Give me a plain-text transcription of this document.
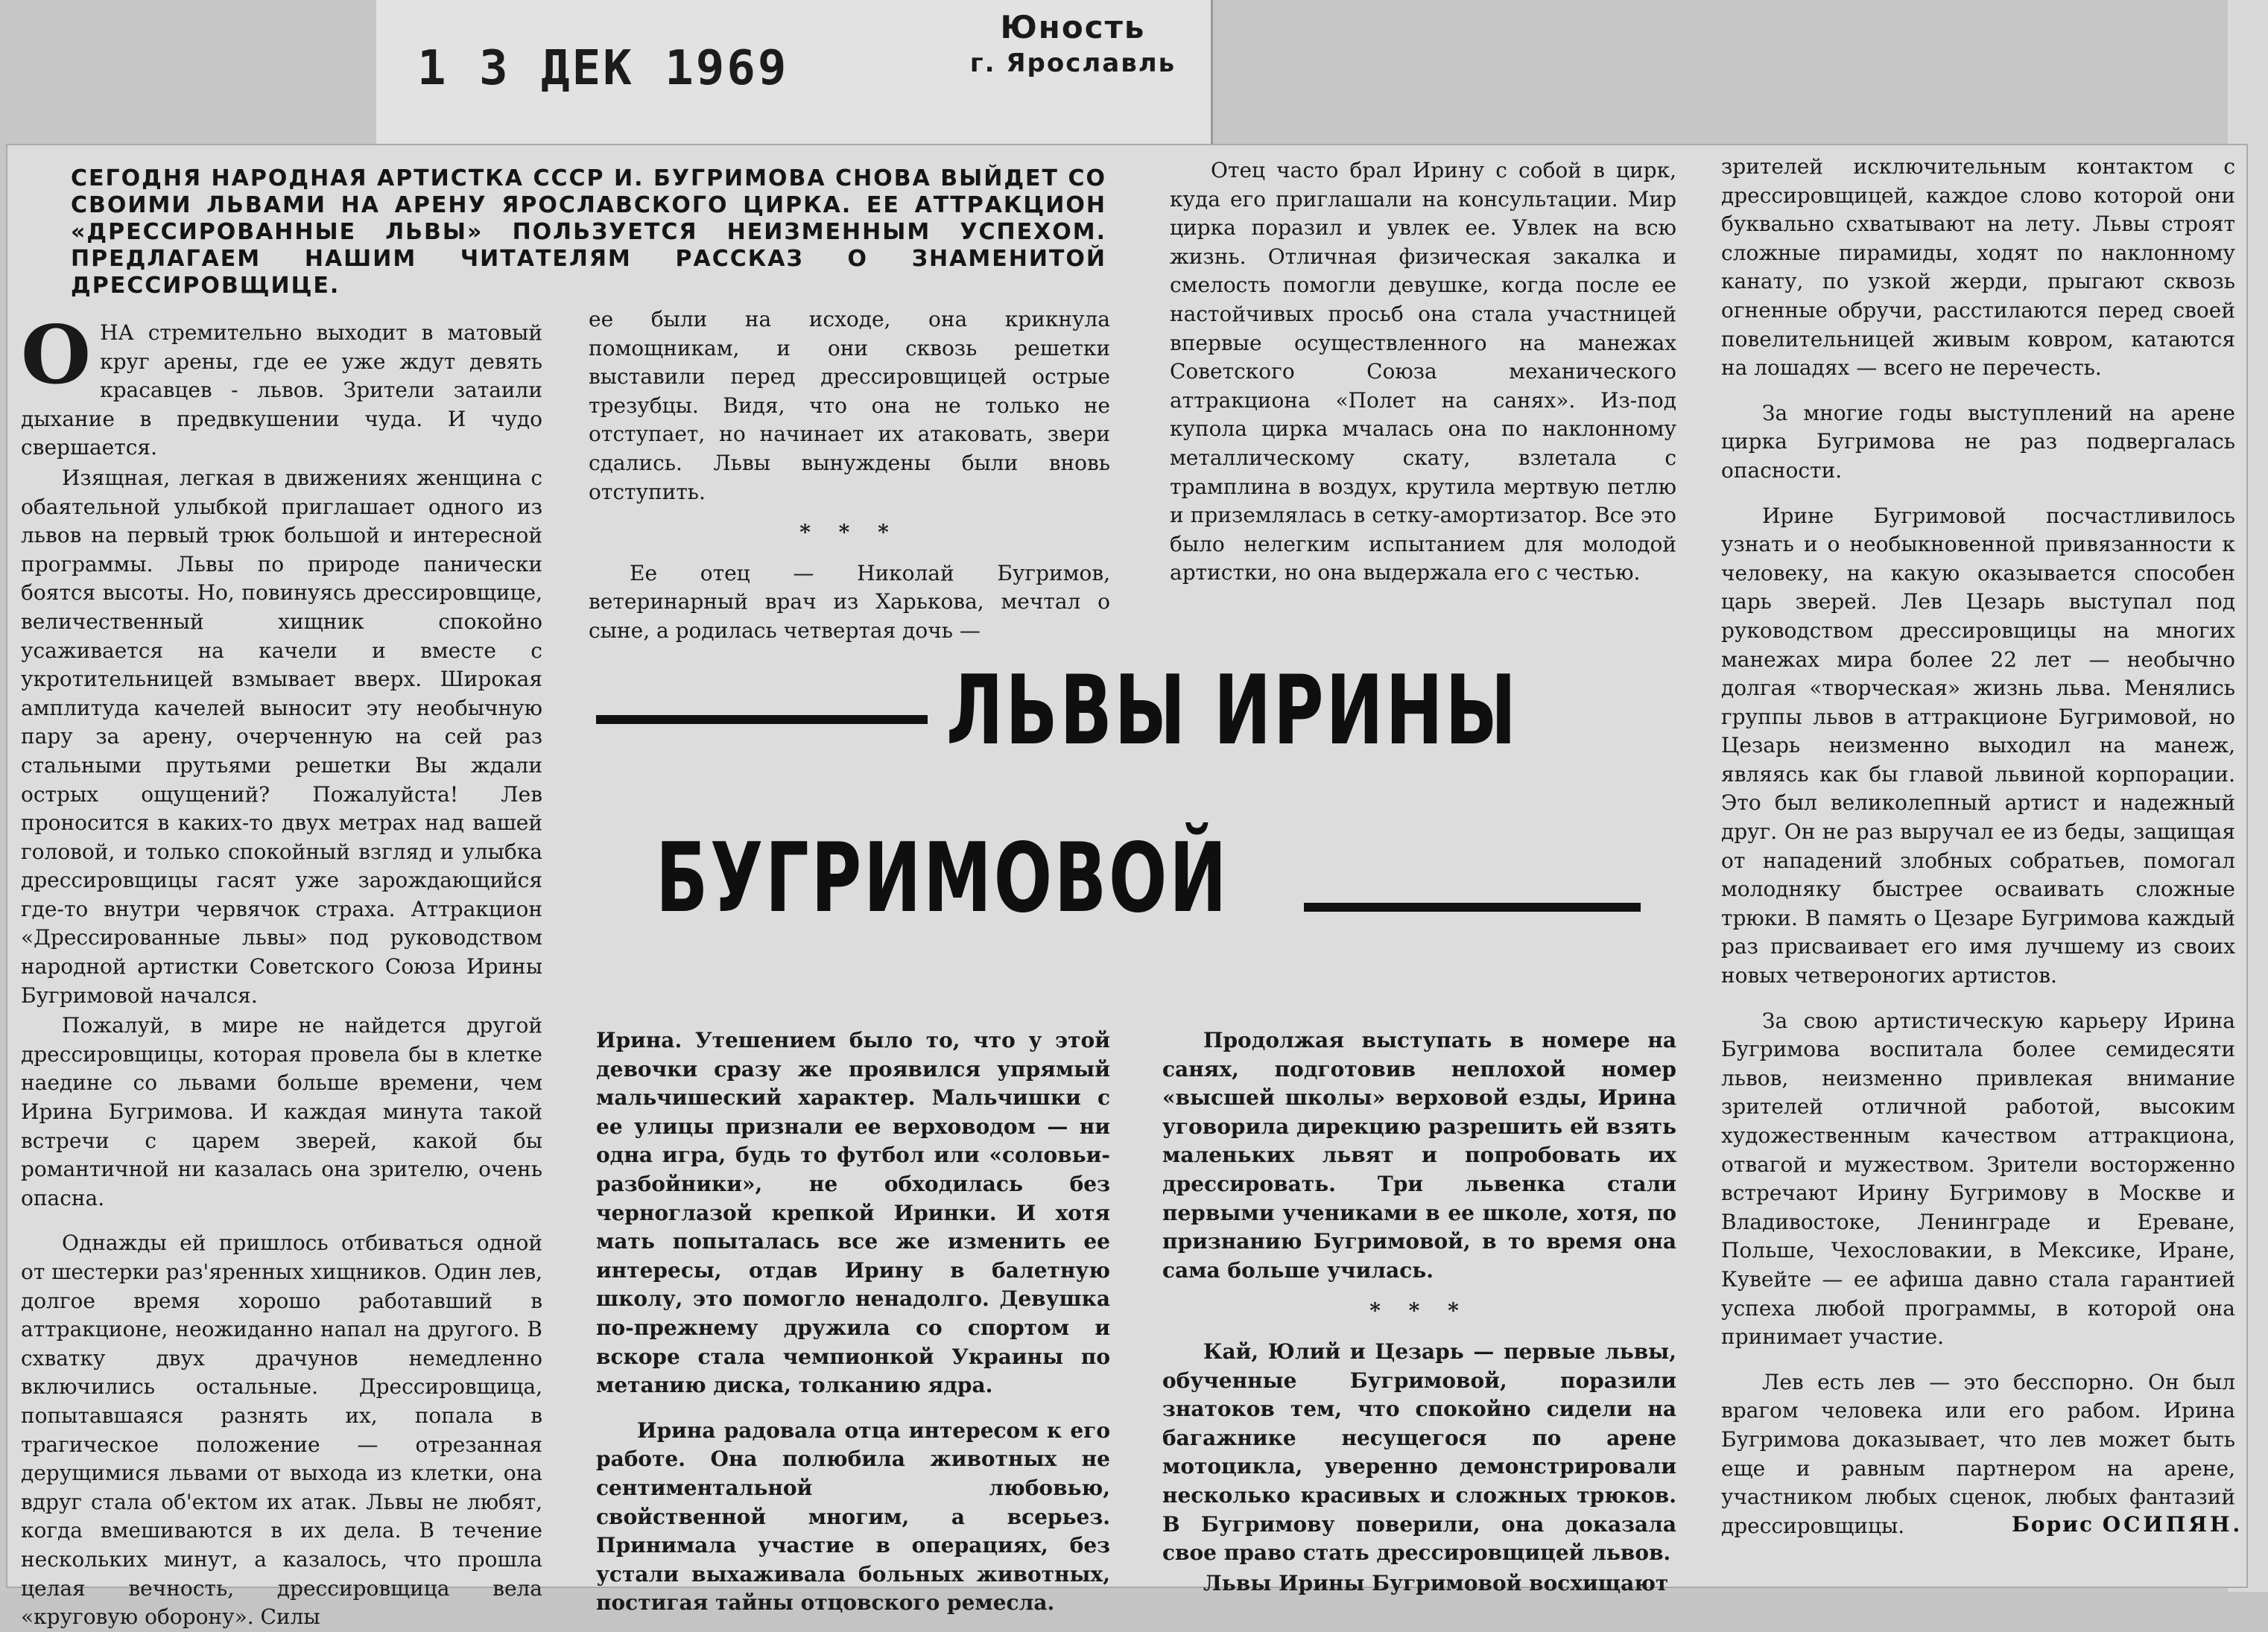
1 3 ДЕК 1969
Юность
г. Ярославль
СЕГОДНЯ НАРОДНАЯ АРТИСТКА СССР И. БУГРИМОВА СНОВА ВЫЙДЕТ СО СВОИМИ ЛЬВАМИ НА АРЕНУ ЯРОСЛАВСКОГО ЦИРКА. ЕЕ АТТРАКЦИОН «ДРЕССИРОВАННЫЕ ЛЬВЫ» ПОЛЬЗУЕТСЯ НЕИЗМЕННЫМ УСПЕХОМ. ПРЕДЛАГАЕМ НАШИМ ЧИТАТЕЛЯМ РАССКАЗ О ЗНАМЕНИТОЙ ДРЕССИРОВЩИЦЕ.

ОНА стремительно выходит в матовый круг арены, где ее уже ждут девять красавцев - львов. Зрители затаили дыхание в предвкушении чуда. И чудо свершается.

Изящная, легкая в движениях женщина с обаятельной улыбкой приглашает одного из львов на первый трюк большой и интересной программы. Львы по природе панически боятся высоты. Но, повинуясь дрессировщице, величественный хищник спокойно усаживается на качели и вместе с укротительницей взмывает вверх. Широкая амплитуда качелей выносит эту необычную пару за арену, очерченную на сей раз стальными прутьями решетки Вы ждали острых ощущений? Пожалуйста! Лев проносится в каких-то двух метрах над вашей головой, и только спокойный взгляд и улыбка дрессировщицы гасят уже зарождающийся где-то внутри червячок страха. Аттракцион «Дрессированные львы» под руководством народной артистки Советского Союза Ирины Бугримовой начался.

Пожалуй, в мире не найдется другой дрессировщицы, которая провела бы в клетке наедине со львами больше времени, чем Ирина Бугримова. И каждая минута такой встречи с царем зверей, какой бы романтичной ни казалась она зрителю, очень опасна.

Однажды ей пришлось отбиваться одной от шестерки раз'яренных хищников. Один лев, долгое время хорошо работавший в аттракционе, неожиданно напал на другого. В схватку двух драчунов немедленно включились остальные. Дрессировщица, попытавшаяся разнять их, попала в трагическое положение — отрезанная дерущимися львами от выхода из клетки, она вдруг стала об'ектом их атак. Львы не любят, когда вмешиваются в их дела. В течение нескольких минут, а казалось, что прошла целая вечность, дрессировщица вела «круговую оборону». Силы

ее были на исходе, она крикнула помощникам, и они сквозь решетки выставили перед дрессировщицей острые трезубцы. Видя, что она не только не отступает, но начинает их атаковать, звери сдались. Львы вынуждены были вновь отступить.

* * *

Ее отец — Николай Бугримов, ветеринарный врач из Харькова, мечтал о сыне, а родилась четвертая дочь —

Отец часто брал Ирину с собой в цирк, куда его приглашали на консультации. Мир цирка поразил и увлек ее. Увлек на всю жизнь. Отличная физическая закалка и смелость помогли девушке, когда после ее настойчивых просьб она стала участницей впервые осуществленного на манежах Советского Союза механического аттракциона «Полет на санях». Из-под купола цирка мчалась она по наклонному металлическому скату, взлетала с трамплина в воздух, крутила мертвую петлю и приземлялась в сетку-амортизатор. Все это было нелегким испытанием для молодой артистки, но она выдержала его с честью.

зрителей исключительным контактом с дрессировщицей, каждое слово которой они буквально схватывают на лету. Львы строят сложные пирамиды, ходят по наклонному канату, по узкой жерди, прыгают сквозь огненные обручи, расстилаются перед своей повелительницей живым ковром, катаются на лошадях — всего не перечесть.

За многие годы выступлений на арене цирка Бугримова не раз подвергалась опасности.

Ирине Бугримовой посчастливилось узнать и о необыкновенной привязанности к человеку, на какую оказывается способен царь зверей. Лев Цезарь выступал под руководством дрессировщицы на многих манежах мира более 22 лет — необычно долгая «творческая» жизнь льва. Менялись группы львов в аттракционе Бугримовой, но Цезарь неизменно выходил на манеж, являясь как бы главой львиной корпорации. Это был великолепный артист и надежный друг. Он не раз выручал ее из беды, защищая от нападений злобных собратьев, помогал молодняку быстрее осваивать сложные трюки. В память о Цезаре Бугримова каждый раз присваивает его имя лучшему из своих новых четвероногих артистов.

За свою артистическую карьеру Ирина Бугримова воспитала более семидесяти львов, неизменно привлекая внимание зрителей отличной работой, высоким художественным качеством аттракциона, отвагой и мужеством. Зрители восторженно встречают Ирину Бугримову в Москве и Владивостоке, Ленинграде и Ереване, Польше, Чехословакии, в Мексике, Иране, Кувейте — ее афиша давно стала гарантией успеха любой программы, в которой она принимает участие.

Лев есть лев — это бесспорно. Он был врагом человека или его рабом. Ирина Бугримова доказывает, что лев может быть еще и равным партнером на арене, участником любых сценок, любых фантазий дрессировщицы.

ЛЬВЫ ИРИНЫ
БУГРИМОВОЙ

Ирина. Утешением было то, что у этой девочки сразу же проявился упрямый мальчишеский характер. Мальчишки с ее улицы признали ее верховодом — ни одна игра, будь то футбол или «соловьи-разбойники», не обходилась без черноглазой крепкой Иринки. И хотя мать попыталась все же изменить ее интересы, отдав Ирину в балетную школу, это помогло ненадолго. Девушка по-прежнему дружила со спортом и вскоре стала чемпионкой Украины по метанию диска, толканию ядра.

Ирина радовала отца интересом к его работе. Она полюбила животных не сентиментальной любовью, свойственной многим, а всерьез. Принимала участие в операциях, без устали выхаживала больных животных, постигая тайны отцовского ремесла.

Продолжая выступать в номере на санях, подготовив неплохой номер «высшей школы» верховой езды, Ирина уговорила дирекцию разрешить ей взять маленьких львят и попробовать их дрессировать. Три львенка стали первыми учениками в ее школе, хотя, по признанию Бугримовой, в то время она сама больше училась.

* * *

Кай, Юлий и Цезарь — первые львы, обученные Бугримовой, поразили знатоков тем, что спокойно сидели на багажнике несущегося по арене мотоцикла, уверенно демонстрировали несколько красивых и сложных трюков. В Бугримову поверили, она доказала свое право стать дрессировщицей львов.

Львы Ирины Бугримовой восхищают

Борис ОСИПЯН.
